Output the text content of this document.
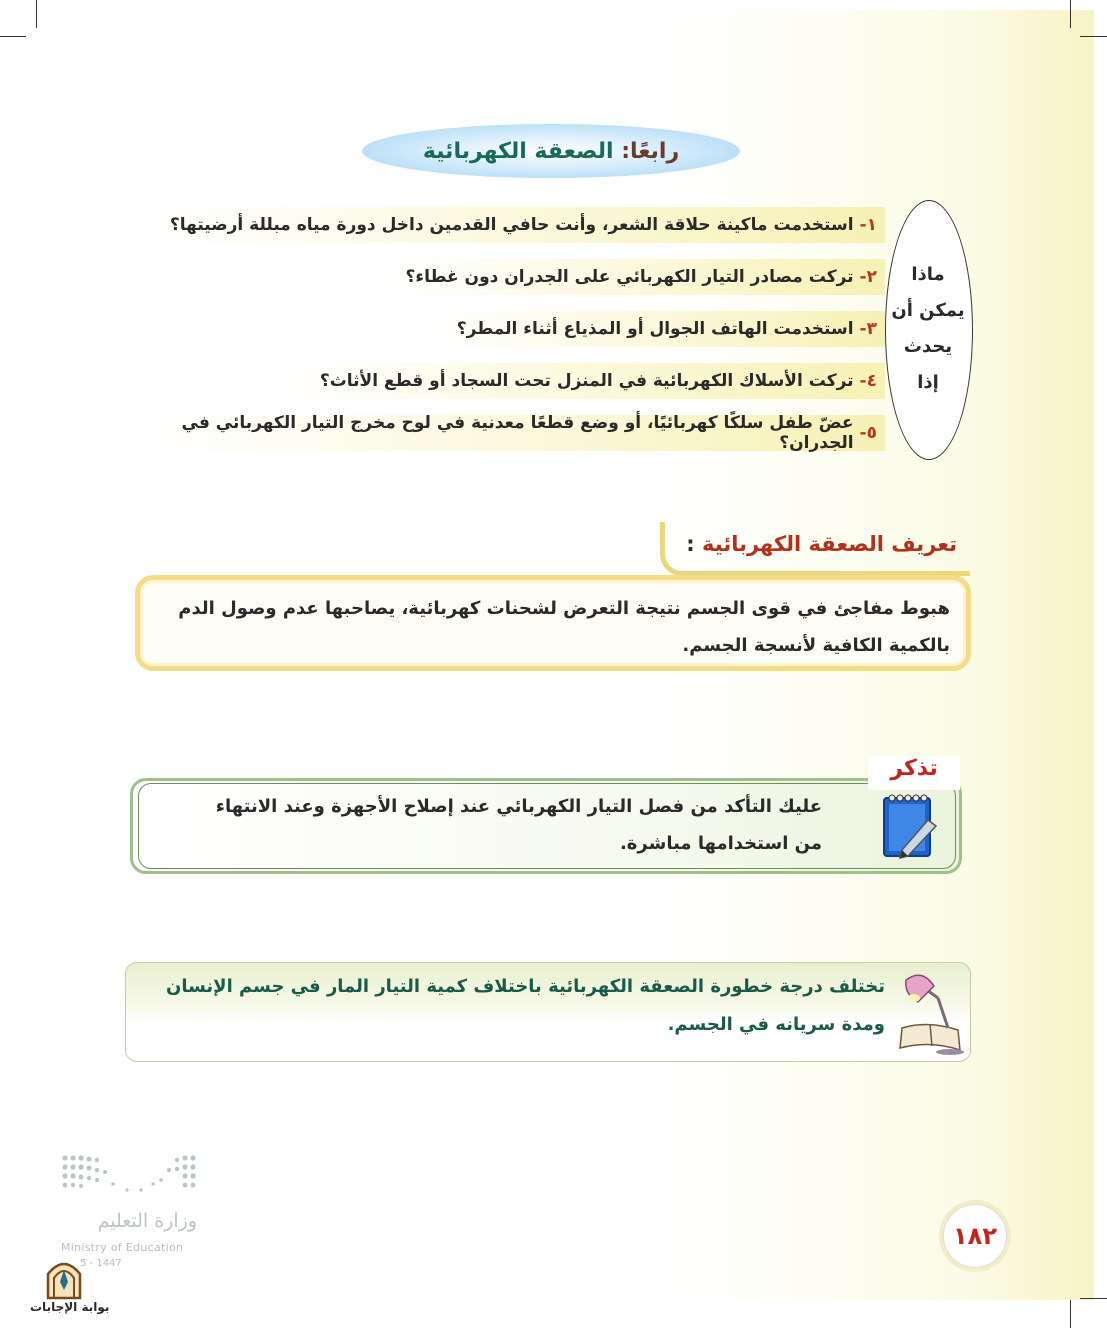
رابعًا: الصعقة الكهربائية
ماذا
يمكن أن
يحدث
إذا
١-
استخدمت ماكينة حلاقة الشعر، وأنت حافي القدمين داخل دورة مياه مبللة أرضيتها؟
٢-
تركت مصادر التيار الكهربائي على الجدران دون غطاء؟
٣-
استخدمت الهاتف الجوال أو المذياع أثناء المطر؟
٤-
تركت الأسلاك الكهربائية في المنزل تحت السجاد أو قطع الأثاث؟
٥-
عضّ طفل سلكًا كهربائيًا، أو وضع قطعًا معدنية في لوح مخرج التيار الكهربائي في الجدران؟
تعريف الصعقة الكهربائية :
هبوط مفاجئ في قوى الجسم نتيجة التعرض لشحنات كهربائية، يصاحبها عدم وصول الدم
بالكمية الكافية لأنسجة الجسم.
تذكر
عليك التأكد من فصل التيار الكهربائي عند إصلاح الأجهزة وعند الانتهاء
من استخدامها مباشرة.
تختلف درجة خطورة الصعقة الكهربائية باختلاف كمية التيار المار في جسم الإنسان
ومدة سريانه في الجسم.
وزارة التعليم
Ministry of Education
5 - 1447
بوابة الإجابات
١٨٢
